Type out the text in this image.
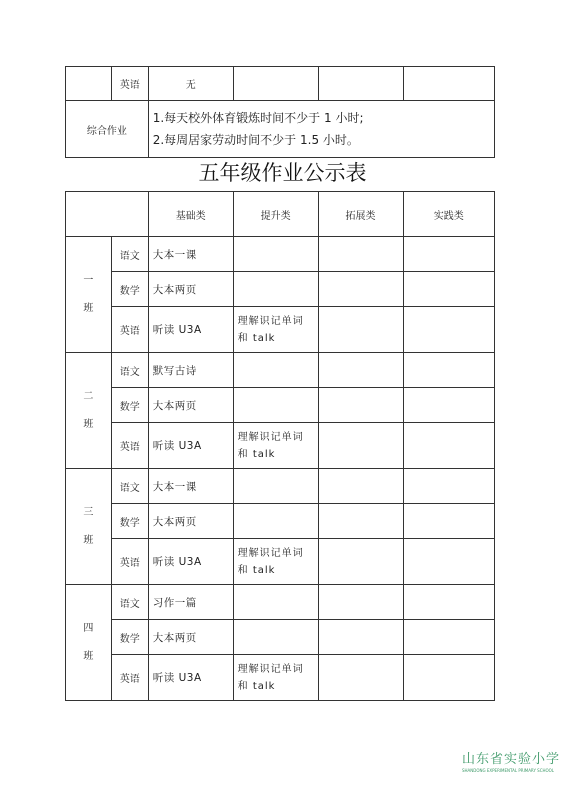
	英语	无			
综合作业		1.每天校外体育锻炼时间不少于 1 小时;
2.每周居家劳动时间不少于 1.5 小时。			
五年级作业公示表
		基础类	提升类	拓展类	实践类

一
班	语文	大本一课			
	数学	大本两页			
	英语	听读 U3A	理解识记单词和 talk		

二
班	语文	默写古诗			
	数学	大本两页			
	英语	听读 U3A	理解识记单词和 talk		

三
班	语文	大本一课			
	数学	大本两页			
	英语	听读 U3A	理解识记单词和 talk		

四
班	语文	习作一篇			
	数学	大本两页			
	英语	听读 U3A	理解识记单词和 talk		
山东省实验小学
SHANDONG EXPERIMENTAL PRIMARY SCHOOL
